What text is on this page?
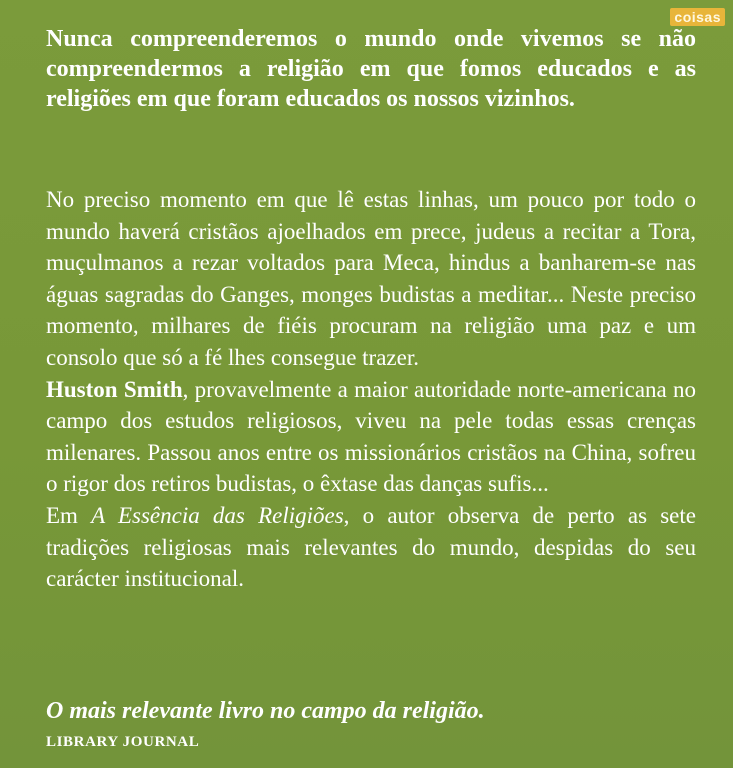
coisas
Nunca compreenderemos o mundo onde vivemos se não compreendermos a religião em que fomos educados e as religiões em que foram educados os nossos vizinhos.

No preciso momento em que lê estas linhas, um pouco por todo o mundo haverá cristãos ajoelhados em prece, judeus a recitar a Tora, muçulmanos a rezar voltados para Meca, hindus a banharem-se nas águas sagradas do Ganges, monges budistas a meditar... Neste preciso momento, milhares de fiéis procuram na religião uma paz e um consolo que só a fé lhes consegue trazer.

Huston Smith, provavelmente a maior autoridade norte-americana no campo dos estudos religiosos, viveu na pele todas essas crenças milenares. Passou anos entre os missionários cristãos na China, sofreu o rigor dos retiros budistas, o êxtase das danças sufis...

Em A Essência das Religiões, o autor observa de perto as sete tradições religiosas mais relevantes do mundo, despidas do seu carácter institucional.

O mais relevante livro no campo da religião.
LIBRARY JOURNAL
